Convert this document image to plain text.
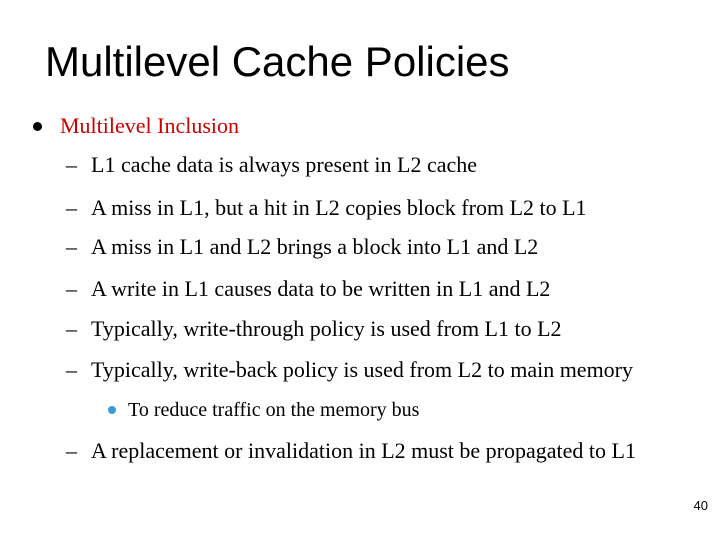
Multilevel Cache Policies
Multilevel Inclusion
– L1 cache data is always present in L2 cache
– A miss in L1, but a hit in L2 copies block from L2 to L1
– A miss in L1 and L2 brings a block into L1 and L2
– A write in L1 causes data to be written in L1 and L2
– Typically, write-through policy is used from L1 to L2
– Typically, write-back policy is used from L2 to main memory
To reduce traffic on the memory bus
– A replacement or invalidation in L2 must be propagated to L1
40
